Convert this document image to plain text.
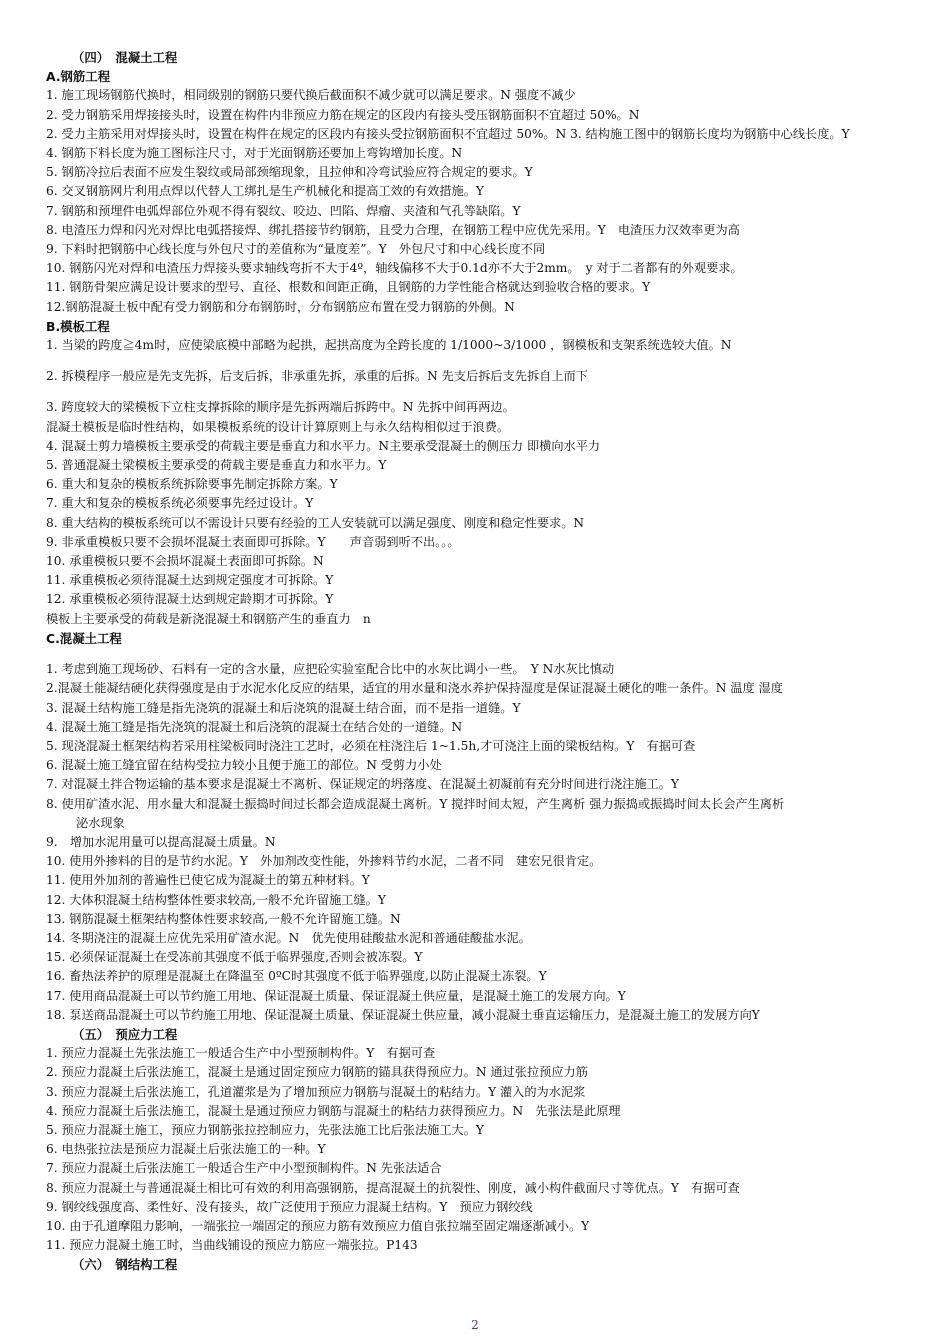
（四）　混凝土工程
A.钢筋工程
1. 施工现场钢筋代换时，相同级别的钢筋只要代换后截面积不减少就可以满足要求。N 强度不减少
2. 受力钢筋采用焊接接头时，设置在构件内非预应力筋在规定的区段内有接头受压钢筋面积不宜超过 50%。N
2. 受力主筋采用对焊接头时，设置在构件在规定的区段内有接头受拉钢筋面积不宜超过 50%。N 3. 结构施工图中的钢筋长度均为钢筋中心线长度。Y
4. 钢筋下料长度为施工图标注尺寸，对于光面钢筋还要加上弯钩增加长度。N
5. 钢筋冷拉后表面不应发生裂纹或局部颈缩现象，且拉伸和冷弯试验应符合规定的要求。Y
6. 交叉钢筋网片利用点焊以代替人工绑扎是生产机械化和提高工效的有效措施。Y
7. 钢筋和预埋件电弧焊部位外观不得有裂纹、咬边、凹陷、焊瘤、夹渣和气孔等缺陷。Y
8. 电渣压力焊和闪光对焊比电弧搭接焊、绑扎搭接节约钢筋，且受力合理，在钢筋工程中应优先采用。Y　电渣压力汉效率更为高
9. 下料时把钢筋中心线长度与外包尺寸的差值称为“量度差”。Y　外包尺寸和中心线长度不同
10. 钢筋闪光对焊和电渣压力焊接头要求轴线弯折不大于4º，轴线偏移不大于0.1d亦不大于2mm。　y 对于二者都有的外观要求。
11. 钢筋骨架应满足设计要求的型号、直径、根数和间距正确，且钢筋的力学性能合格就达到验收合格的要求。Y
12.钢筋混凝土板中配有受力钢筋和分布钢筋时，分布钢筋应布置在受力钢筋的外侧。N
B.模板工程
1. 当梁的跨度≧4m时，应使梁底模中部略为起拱，起拱高度为全跨长度的 1/1000~3/1000 ，钢模板和支架系统选较大值。N
2. 拆模程序一般应是先支先拆，后支后拆，非承重先拆，承重的后拆。N 先支后拆后支先拆自上而下
3. 跨度较大的梁模板下立柱支撑拆除的顺序是先拆两端后拆跨中。N 先拆中间再两边。
混凝土模板是临时性结构，如果模板系统的设计计算原则上与永久结构相似过于浪费。
4. 混凝土剪力墙模板主要承受的荷载主要是垂直力和水平力。N主要承受混凝土的侧压力 即横向水平力
5. 普通混凝土梁模板主要承受的荷载主要是垂直力和水平力。Y
6. 重大和复杂的模板系统拆除要事先制定拆除方案。Y
7. 重大和复杂的模板系统必须要事先经过设计。Y
8. 重大结构的模板系统可以不需设计只要有经验的工人安装就可以满足强度、刚度和稳定性要求。N
9. 非承重模板只要不会损坏混凝土表面即可拆除。Y　　声音弱到听不出。。。
10. 承重模板只要不会损坏混凝土表面即可拆除。N
11. 承重模板必须待混凝土达到规定强度才可拆除。Y
12. 承重模板必须待混凝土达到规定龄期才可拆除。Y
模板上主要承受的荷载是新浇混凝土和钢筋产生的垂直力　n
C.混凝土工程
1. 考虑到施工现场砂、石料有一定的含水量，应把砼实验室配合比中的水灰比调小一些。　Y N水灰比慎动
2.混凝土能凝结硬化获得强度是由于水泥水化反应的结果，适宜的用水量和浇水养护保持湿度是保证混凝土硬化的唯一条件。N 温度 湿度
3. 混凝土结构施工缝是指先浇筑的混凝土和后浇筑的混凝土结合面，而不是指一道缝。Y
4. 混凝土施工缝是指先浇筑的混凝土和后浇筑的混凝土在结合处的一道缝。N
5. 现浇混凝土框架结构若采用柱梁板同时浇注工艺时，必须在柱浇注后 1~1.5h,才可浇注上面的梁板结构。Y　有据可查
6. 混凝土施工缝宜留在结构受拉力较小且便于施工的部位。N 受剪力小处
7. 对混凝土拌合物运输的基本要求是混凝土不离析、保证规定的坍落度、在混凝土初凝前有充分时间进行浇注施工。Y
8. 使用矿渣水泥、用水量大和混凝土振捣时间过长都会造成混凝土离析。Y 搅拌时间太短，产生离析 强力振捣或振捣时间太长会产生离析
泌水现象
9.　增加水泥用量可以提高混凝土质量。N
10. 使用外掺料的目的是节约水泥。Y　外加剂改变性能，外掺料节约水泥，二者不同　建宏兄很肯定。
11. 使用外加剂的普遍性已使它成为混凝土的第五种材料。Y
12. 大体积混凝土结构整体性要求较高,一般不允许留施工缝。Y
13. 钢筋混凝土框架结构整体性要求较高,一般不允许留施工缝。N
14. 冬期浇注的混凝土应优先采用矿渣水泥。N　优先使用硅酸盐水泥和普通硅酸盐水泥。
15. 必须保证混凝土在受冻前其强度不低于临界强度,否则会被冻裂。Y
16. 畜热法养护的原理是混凝土在降温至 0ºC时其强度不低于临界强度,以防止混凝土冻裂。Y
17. 使用商品混凝土可以节约施工用地、保证混凝土质量、保证混凝土供应量，是混凝土施工的发展方向。Y
18. 泵送商品混凝土可以节约施工用地、保证混凝土质量、保证混凝土供应量，减小混凝土垂直运输压力，是混凝土施工的发展方向Y
（五）　预应力工程
1. 预应力混凝土先张法施工一般适合生产中小型预制构件。Y　有据可查
2. 预应力混凝土后张法施工，混凝土是通过固定预应力钢筋的锚具获得预应力。N 通过张拉预应力筋
3. 预应力混凝土后张法施工，孔道灌浆是为了增加预应力钢筋与混凝土的粘结力。Y 灌入的为水泥浆
4. 预应力混凝土后张法施工，混凝土是通过预应力钢筋与混凝土的粘结力获得预应力。N　先张法是此原理
5. 预应力混凝土施工，预应力钢筋张拉控制应力，先张法施工比后张法施工大。Y
6. 电热张拉法是预应力混凝土后张法施工的一种。Y
7. 预应力混凝土后张法施工一般适合生产中小型预制构件。N 先张法适合
8. 预应力混凝土与普通混凝土相比可有效的利用高强钢筋，提高混凝土的抗裂性、刚度，减小构件截面尺寸等优点。Y　有据可查
9. 钢绞线强度高、柔性好、没有接头，故广泛使用于预应力混凝土结构。Y　预应力钢绞线
10. 由于孔道摩阻力影响，一端张拉一端固定的预应力筋有效预应力值自张拉端至固定端逐渐减小。Y
11. 预应力混凝土施工时，当曲线铺设的预应力筋应一端张拉。P143
（六）　钢结构工程
2
